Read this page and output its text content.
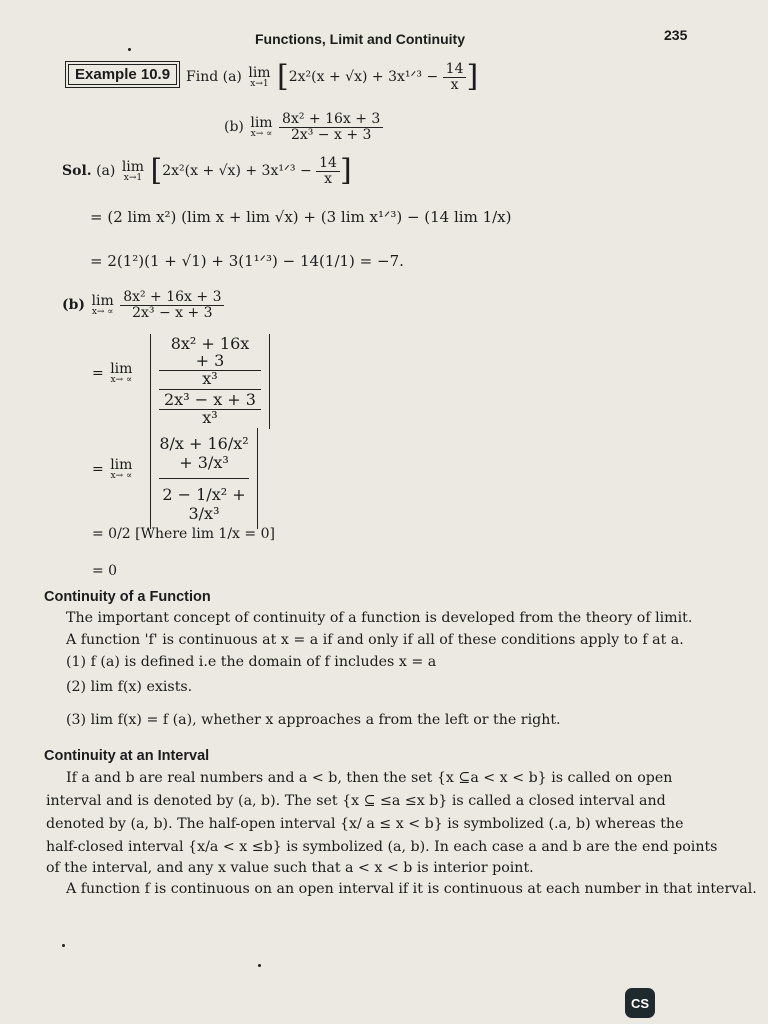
Functions, Limit and Continuity	235
Example 10.9	Find (a) lim
x→1 [2x²(x + √x) + 3x¹ᐟ³ − $\frac{14}{x}$ ]
(b) lim
x→ ∝
$\frac{\text{8x² + 16x + 3}}{\text{2x³ − x + 3}}$
Sol. (a) lim
x→1 [2x²(x + √x) + 3x¹ᐟ³ − $\frac{14}{x}$ ]
= (2 lim x²) (lim x + lim √x) + (3 lim x¹ᐟ³) − (14 lim 1/x)
= 2(1²)(1 + √1) + 3(1¹ᐟ³) − 14(1/1) = −7.
(b) lim
x→ ∝
$\frac{\text{8x² + 16x + 3}}{\text{2x³ − x + 3}}$
= lim
x→ ∝
8x² + 16x + 3
x³
2x³ − x + 3
x³
= lim
x→ ∝
8/x + 16/x² + 3/x³
2 − 1/x² + 3/x³
= 0/2 [Where lim 1/x = 0]
= 0
Continuity of a Function
The important concept of continuity of a function is developed from the theory of limit.
A function 'f' is continuous at x = a if and only if all of these conditions apply to f at a.
(1) f (a) is defined i.e the domain of f includes x = a
(2) lim f(x) exists.
(3) lim f(x) = f (a), whether x approaches a from the left or the right.
Continuity at an Interval
If a and b are real numbers and a < b, then the set {x ⊆a < x < b} is called on open
interval and is denoted by (a, b). The set {x ⊆ ≤a ≤x b} is called a closed interval and
denoted by (a, b). The half-open interval {x/ a ≤ x < b} is symbolized (.a, b) whereas the
half-closed interval {x/a < x ≤b} is symbolized (a, b). In each case a and b are the end points
of the interval, and any x value such that a < x < b is interior point.
A function f is continuous on an open interval if it is continuous at each number in that interval.
CS
